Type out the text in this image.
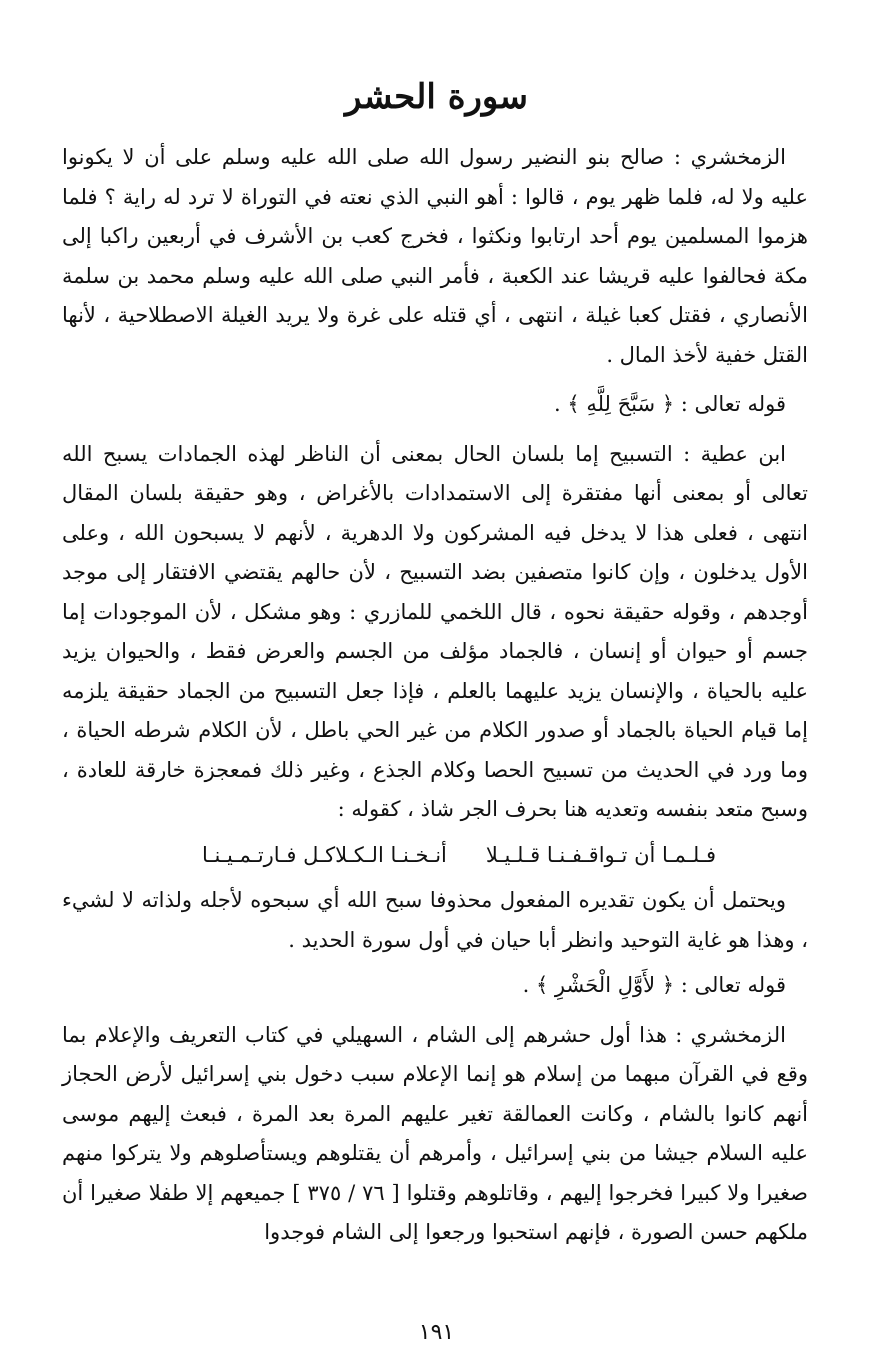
سورة الحشر

الزمخشري : صالح بنو النضير رسول الله صلى الله عليه وسلم على أن لا يكونوا عليه ولا له، فلما ظهر يوم ، قالوا : أهو النبي الذي نعته في التوراة لا ترد له راية ؟ فلما هزموا المسلمين يوم أحد ارتابوا ونكثوا ، فخرج كعب بن الأشرف في أربعين راكبا إلى مكة فحالفوا عليه قريشا عند الكعبة ، فأمر النبي صلى الله عليه وسلم محمد بن سلمة الأنصاري ، فقتل كعبا غيلة ، انتهى ، أي قتله على غرة ولا يريد الغيلة الاصطلاحية ، لأنها القتل خفية لأخذ المال .

قوله تعالى : ﴿ سَبَّحَ لِلَّهِ ﴾ .

ابن عطية : التسبيح إما بلسان الحال بمعنى أن الناظر لهذه الجمادات يسبح الله تعالى أو بمعنى أنها مفتقرة إلى الاستمدادات بالأغراض ، وهو حقيقة بلسان المقال انتهى ، فعلى هذا لا يدخل فيه المشركون ولا الدهرية ، لأنهم لا يسبحون الله ، وعلى الأول يدخلون ، وإن كانوا متصفين بضد التسبيح ، لأن حالهم يقتضي الافتقار إلى موجد أوجدهم ، وقوله حقيقة نحوه ، قال اللخمي للمازري : وهو مشكل ، لأن الموجودات إما جسم أو حيوان أو إنسان ، فالجماد مؤلف من الجسم والعرض فقط ، والحيوان يزيد عليه بالحياة ، والإنسان يزيد عليهما بالعلم ، فإذا جعل التسبيح من الجماد حقيقة يلزمه إما قيام الحياة بالجماد أو صدور الكلام من غير الحي باطل ، لأن الكلام شرطه الحياة ، وما ورد في الحديث من تسبيح الحصا وكلام الجذع ، وغير ذلك فمعجزة خارقة للعادة ، وسبح متعد بنفسه وتعديه هنا بحرف الجر شاذ ، كقوله :

فـلـمـا أن تـواقـفـنـا قـلـيـلا
أنـخـنـا الـكـلاكـل فـارتـمـيـنـا

ويحتمل أن يكون تقديره المفعول محذوفا سبح الله أي سبحوه لأجله ولذاته لا لشيء ، وهذا هو غاية التوحيد وانظر أبا حيان في أول سورة الحديد .

قوله تعالى : ﴿ لأَوَّلِ الْحَشْرِ ﴾ .

الزمخشري : هذا أول حشرهم إلى الشام ، السهيلي في كتاب التعريف والإعلام بما وقع في القرآن مبهما من إسلام هو إنما الإعلام سبب دخول بني إسرائيل لأرض الحجاز أنهم كانوا بالشام ، وكانت العمالقة تغير عليهم المرة بعد المرة ، فبعث إليهم موسى عليه السلام جيشا من بني إسرائيل ، وأمرهم أن يقتلوهم ويستأصلوهم ولا يتركوا منهم صغيرا ولا كبيرا فخرجوا إليهم ، وقاتلوهم وقتلوا [ ٧٦ / ٣٧٥ ] جميعهم إلا طفلا صغيرا أن ملكهم حسن الصورة ، فإنهم استحبوا ورجعوا إلى الشام فوجدوا

١٩١
